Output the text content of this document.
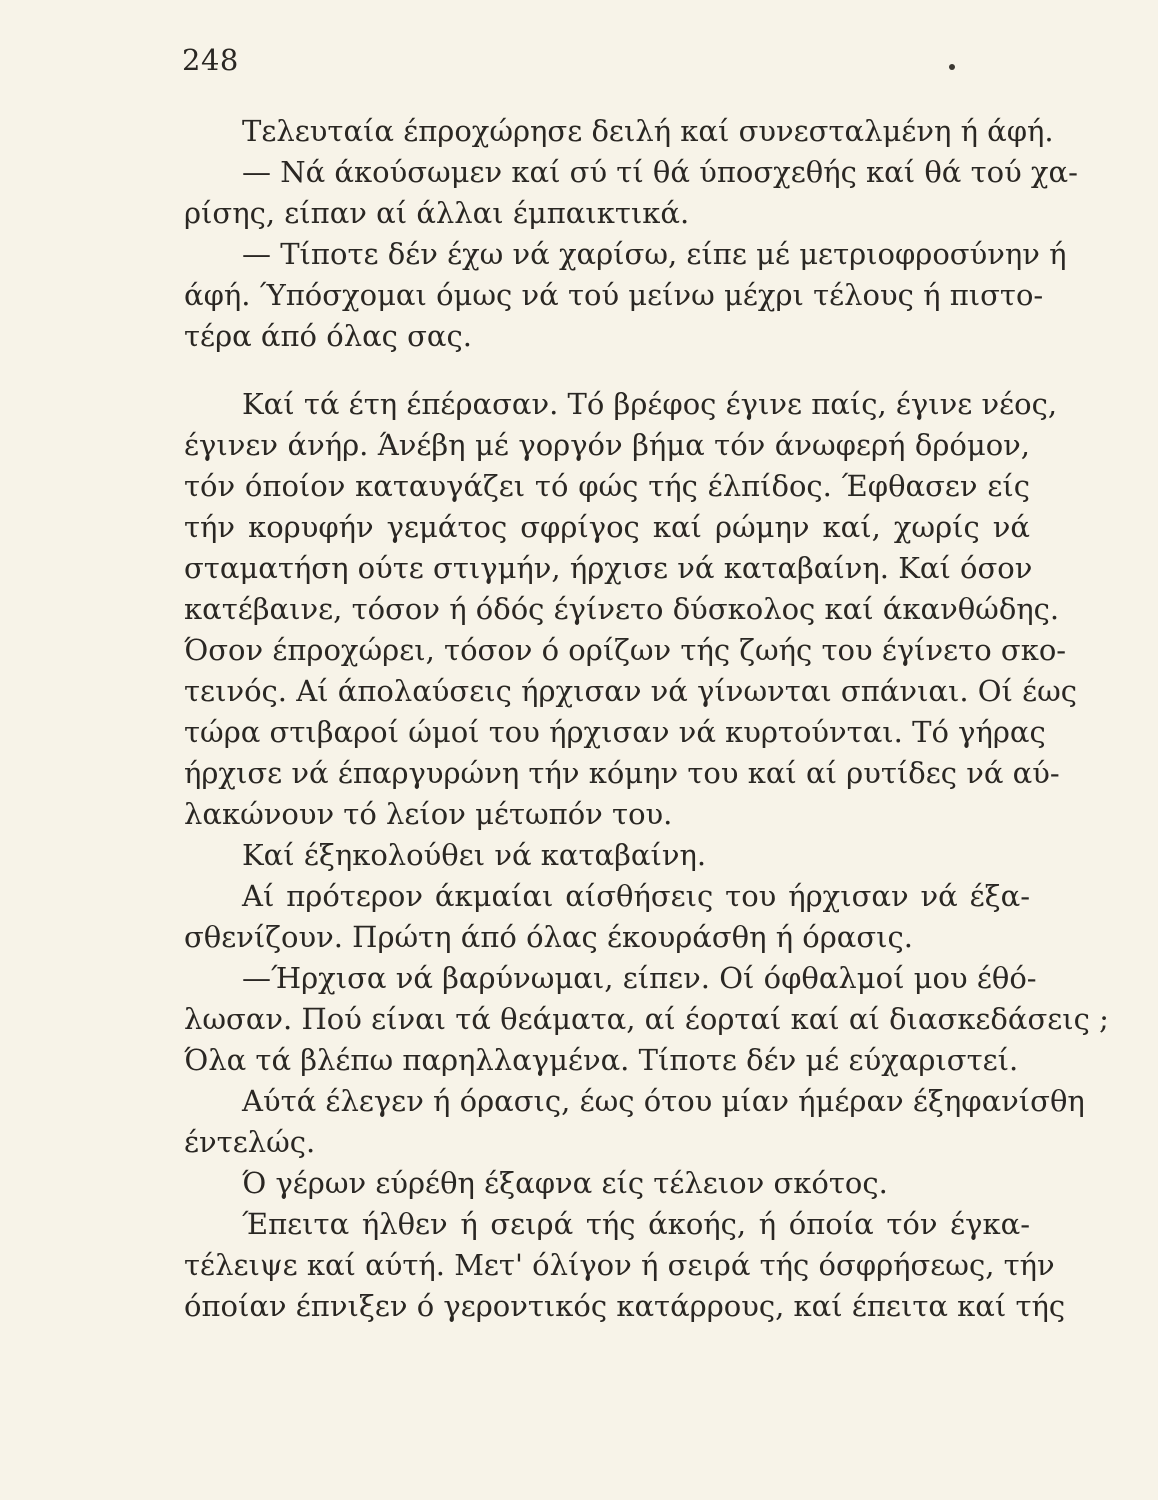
248
Τελευταία έπροχώρησε δειλή καί συνεσταλμένη ή άφή.
— Νά άκούσωμεν καί σύ τί θά ύποσχεθής καί θά τού χα-
ρίσης, είπαν αί άλλαι έμπαικτικά.
— Τίποτε δέν έχω νά χαρίσω, είπε μέ μετριοφροσύνην ή
άφή. Ύπόσχομαι όμως νά τού μείνω μέχρι τέλους ή πιστο-
τέρα άπό όλας σας.
Καί τά έτη έπέρασαν. Τό βρέφος έγινε παίς, έγινε νέος,
έγινεν άνήρ. Άνέβη μέ γοργόν βήμα τόν άνωφερή δρόμον,
τόν όποίον καταυγάζει τό φώς τής έλπίδος. Έφθασεν είς
τήν κορυφήν γεμάτος σφρίγος καί ρώμην καί, χωρίς νά
σταματήση ούτε στιγμήν, ήρχισε νά καταβαίνη. Καί όσον
κατέβαινε, τόσον ή όδός έγίνετο δύσκολος καί άκανθώδης.
Όσον έπροχώρει, τόσον ό ορίζων τής ζωής του έγίνετο σκο-
τεινός. Αί άπολαύσεις ήρχισαν νά γίνωνται σπάνιαι. Οί έως
τώρα στιβαροί ώμοί του ήρχισαν νά κυρτούνται. Τό γήρας
ήρχισε νά έπαργυρώνη τήν κόμην του καί αί ρυτίδες νά αύ-
λακώνουν τό λείον μέτωπόν του.
Καί έξηκολούθει νά καταβαίνη.
Αί πρότερον άκμαίαι αίσθήσεις του ήρχισαν νά έξα-
σθενίζουν. Πρώτη άπό όλας έκουράσθη ή όρασις.
—Ήρχισα νά βαρύνωμαι, είπεν. Οί όφθαλμοί μου έθό-
λωσαν. Πού είναι τά θεάματα, αί έορταί καί αί διασκεδάσεις ;
Όλα τά βλέπω παρηλλαγμένα. Τίποτε δέν μέ εύχαριστεί.
Αύτά έλεγεν ή όρασις, έως ότου μίαν ήμέραν έξηφανίσθη
έντελώς.
Ό γέρων εύρέθη έξαφνα είς τέλειον σκότος.
Έπειτα ήλθεν ή σειρά τής άκοής, ή όποία τόν έγκα-
τέλειψε καί αύτή. Μετ' όλίγον ή σειρά τής όσφρήσεως, τήν
όποίαν έπνιξεν ό γεροντικός κατάρρους, καί έπειτα καί τής
